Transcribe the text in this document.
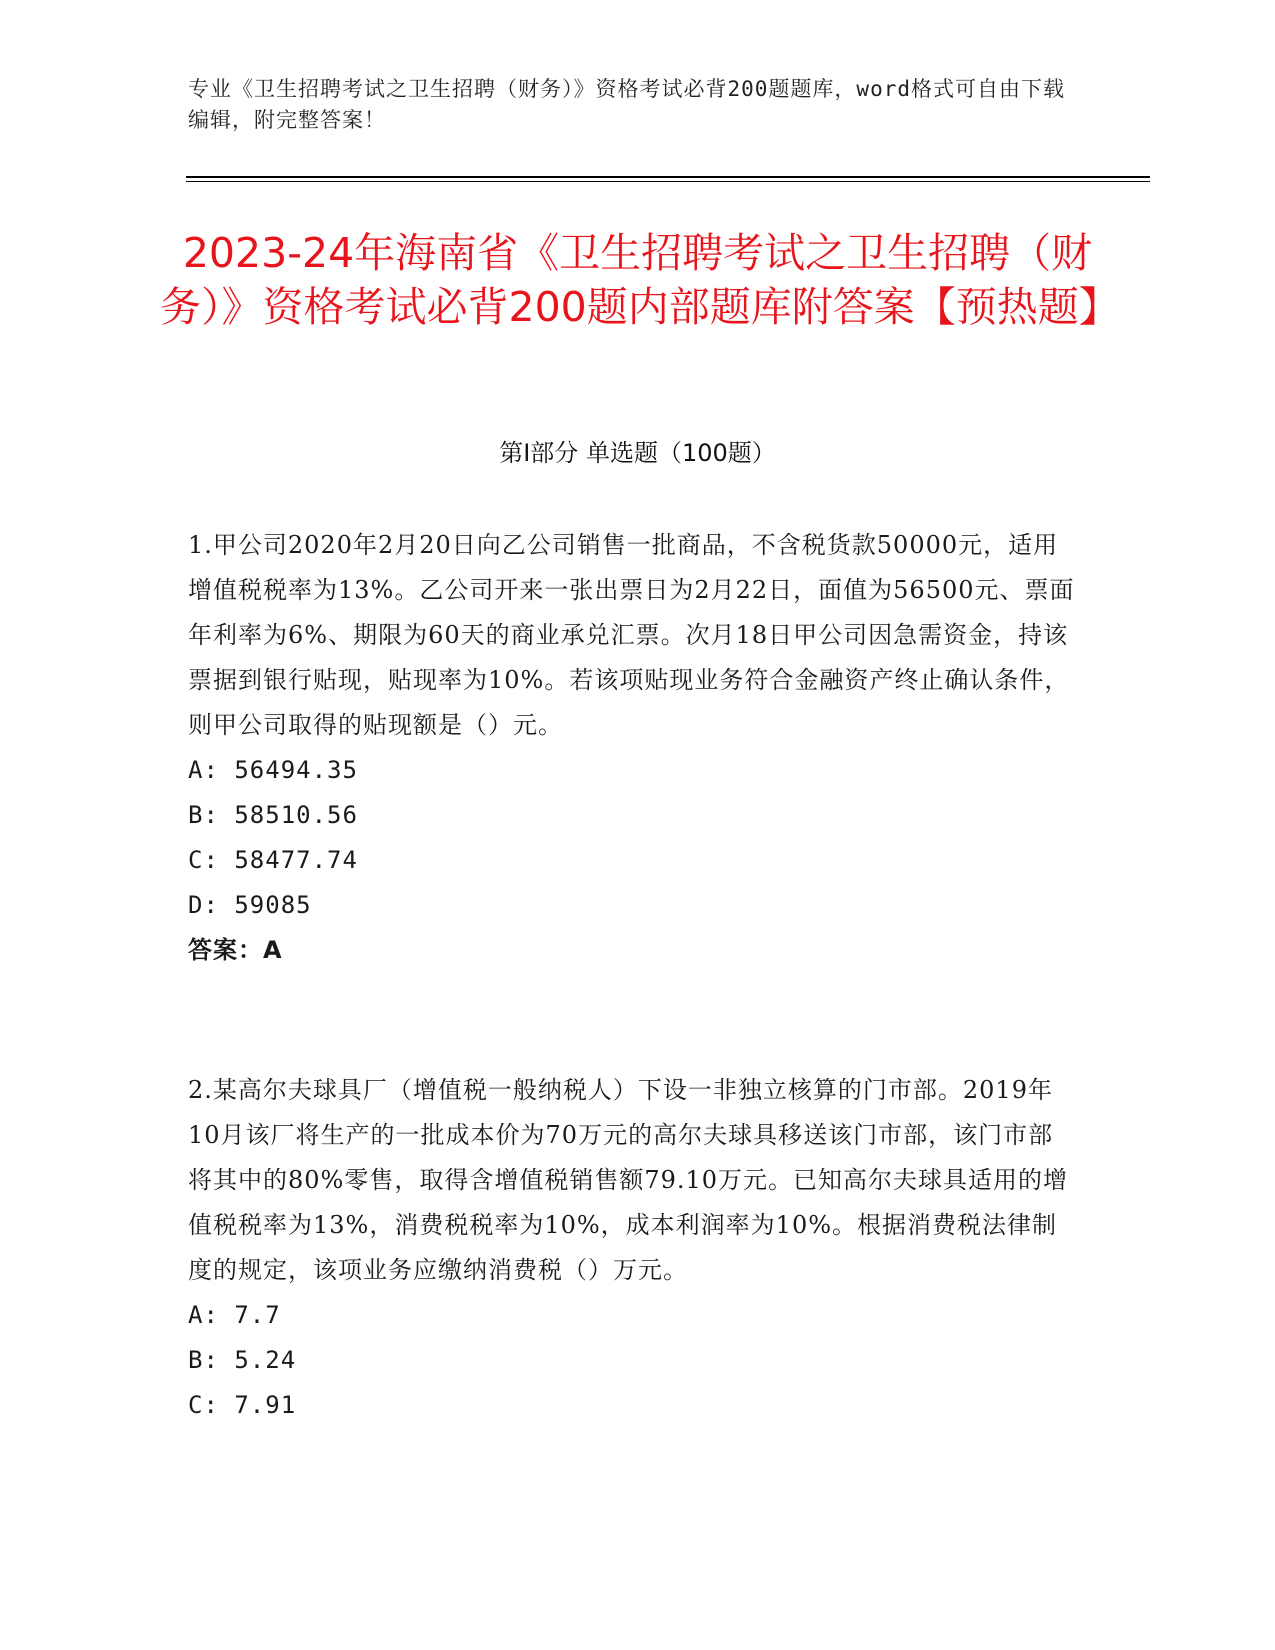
专业《卫生招聘考试之卫生招聘（财务）》资格考试必背200题题库，word格式可自由下载编辑，附完整答案！
2023-24年海南省《卫生招聘考试之卫生招聘（财务）》资格考试必背200题内部题库附答案【预热题】
第Ⅰ部分 单选题（100题）
1.甲公司2020年2月20日向乙公司销售一批商品，不含税货款50000元，适用增值税税率为13%。乙公司开来一张出票日为2月22日，面值为56500元、票面年利率为6%、期限为60天的商业承兑汇票。次月18日甲公司因急需资金，持该票据到银行贴现，贴现率为10%。若该项贴现业务符合金融资产终止确认条件，则甲公司取得的贴现额是（）元。
A: 56494.35
B: 58510.56
C: 58477.74
D: 59085
答案：A
2.某高尔夫球具厂（增值税一般纳税人）下设一非独立核算的门市部。2019年10月该厂将生产的一批成本价为70万元的高尔夫球具移送该门市部，该门市部将其中的80%零售，取得含增值税销售额79.10万元。已知高尔夫球具适用的增值税税率为13%，消费税税率为10%，成本利润率为10%。根据消费税法律制度的规定，该项业务应缴纳消费税（）万元。
A: 7.7
B: 5.24
C: 7.91
